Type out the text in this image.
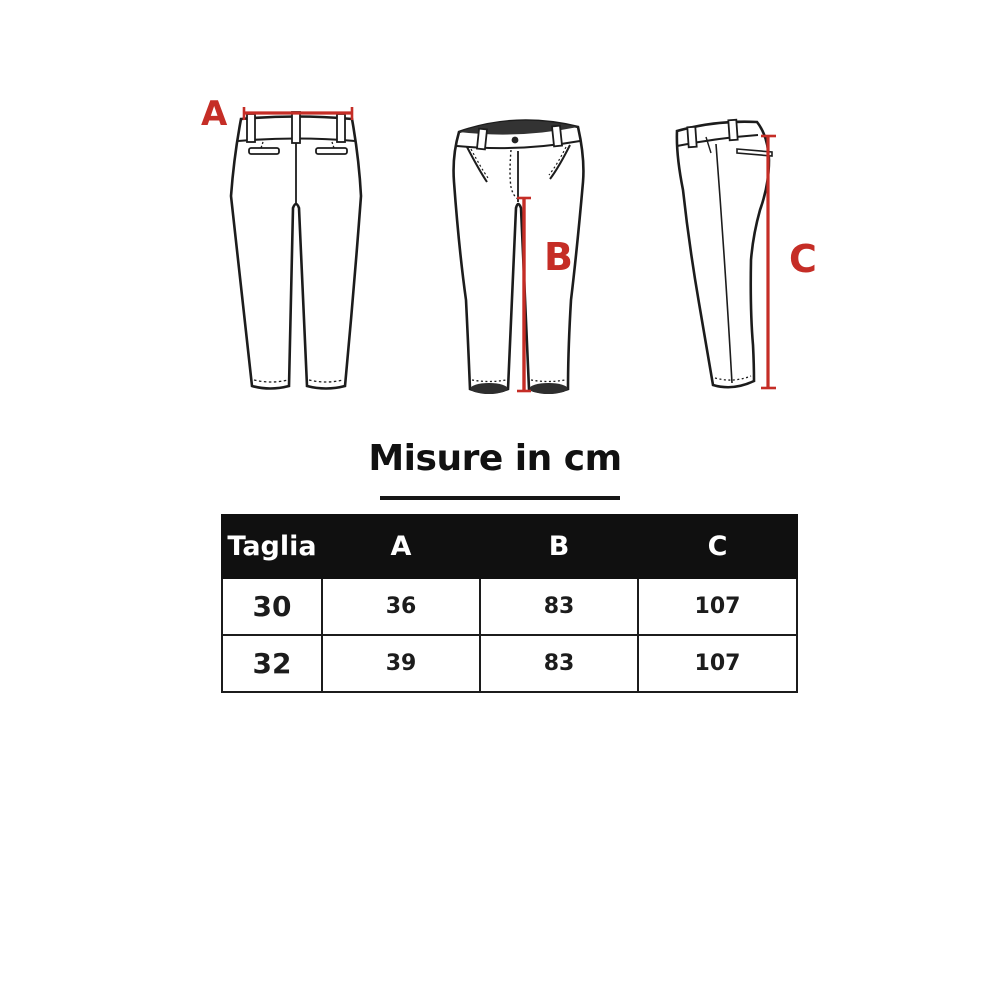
A
B	C
Misure in cm
Taglia	A	B	C
30	36	83	107
32	39	83	107
